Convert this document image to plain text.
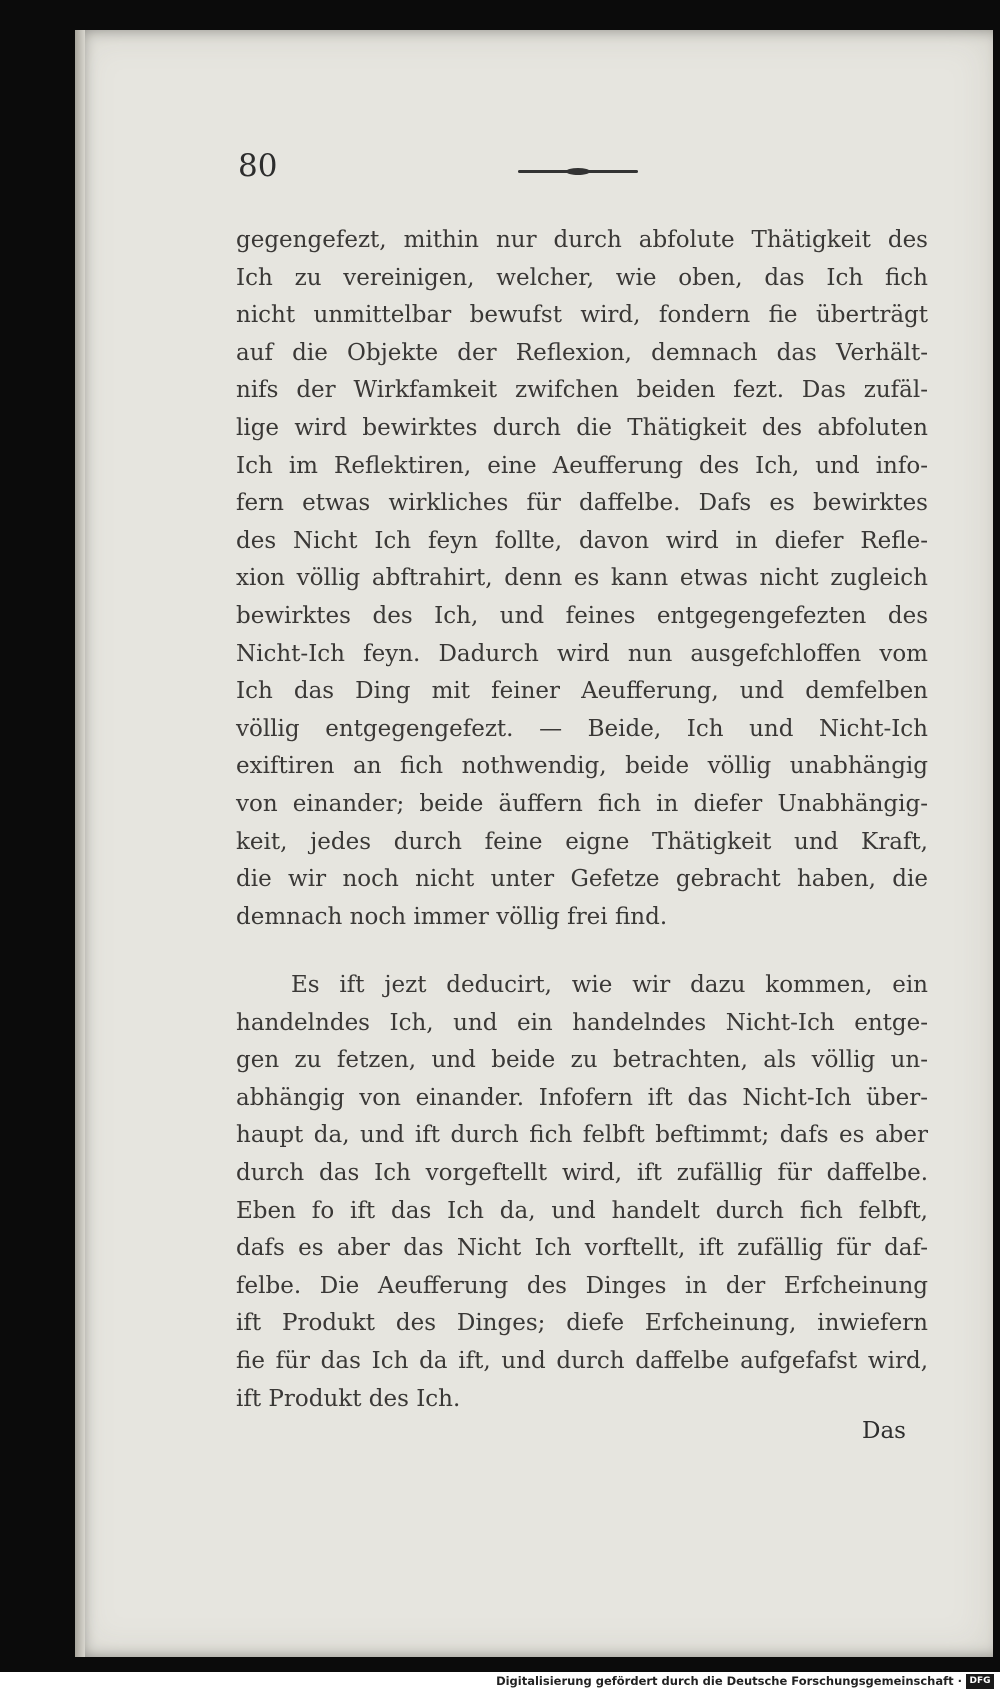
80
gegengefezt, mithin nur durch abfolute Thätigkeit des
Ich zu vereinigen, welcher, wie oben, das Ich fich
nicht unmittelbar bewufst wird, fondern fie überträgt
auf die Objekte der Reflexion, demnach das Verhält-
nifs der Wirkfamkeit zwifchen beiden fezt. Das zufäl-
lige wird bewirktes durch die Thätigkeit des abfoluten
Ich im Reflektiren, eine Aeufferung des Ich, und info-
fern etwas wirkliches für daffelbe. Dafs es bewirktes
des Nicht Ich feyn follte, davon wird in diefer Refle-
xion völlig abftrahirt, denn es kann etwas nicht zugleich
bewirktes des Ich, und feines entgegengefezten des
Nicht-Ich feyn. Dadurch wird nun ausgefchloffen vom
Ich das Ding mit feiner Aeufferung, und demfelben
völlig entgegengefezt. — Beide, Ich und Nicht-Ich
exiftiren an fich nothwendig, beide völlig unabhängig
von einander; beide äuffern fich in diefer Unabhängig-
keit, jedes durch feine eigne Thätigkeit und Kraft,
die wir noch nicht unter Gefetze gebracht haben, die
demnach noch immer völlig frei find.
Es ift jezt deducirt, wie wir dazu kommen, ein
handelndes Ich, und ein handelndes Nicht-Ich entge-
gen zu fetzen, und beide zu betrachten, als völlig un-
abhängig von einander. Infofern ift das Nicht-Ich über-
haupt da, und ift durch fich felbft beftimmt; dafs es aber
durch das Ich vorgeftellt wird, ift zufällig für daffelbe.
Eben fo ift das Ich da, und handelt durch fich felbft,
dafs es aber das Nicht Ich vorftellt, ift zufällig für daf-
felbe. Die Aeufferung des Dinges in der Erfcheinung
ift Produkt des Dinges; diefe Erfcheinung, inwiefern
fie für das Ich da ift, und durch daffelbe aufgefafst wird,
ift Produkt des Ich.
Das
Digitalisierung gefördert durch die Deutsche Forschungsgemeinschaft · DFG
